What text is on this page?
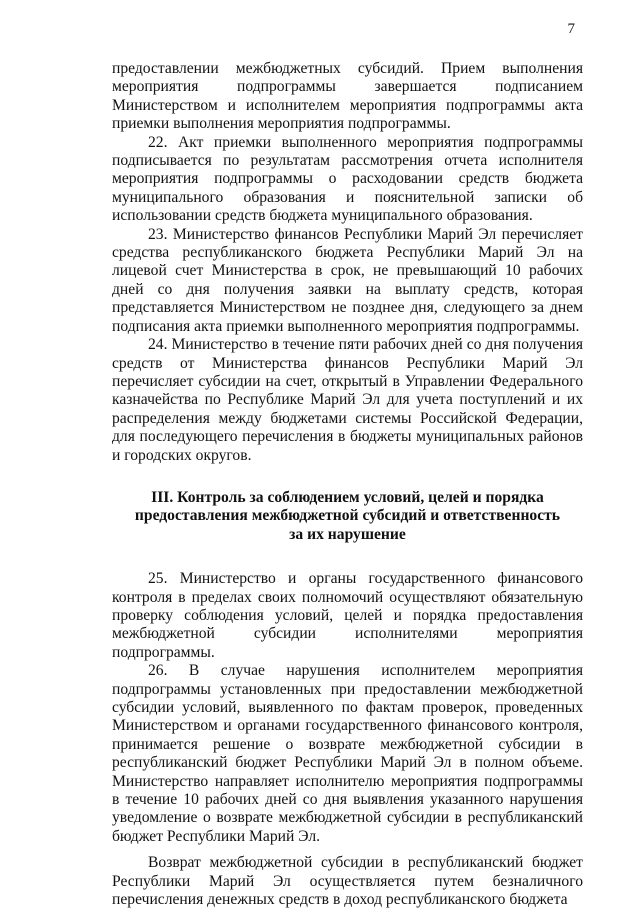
7

предоставлении межбюджетных субсидий. Прием выполнения мероприятия подпрограммы завершается подписанием Министерством и исполнителем мероприятия подпрограммы акта приемки выполнения мероприятия подпрограммы.

22. Акт приемки выполненного мероприятия подпрограммы подписывается по результатам рассмотрения отчета исполнителя мероприятия подпрограммы о расходовании средств бюджета муниципального образования и пояснительной записки об использовании средств бюджета муниципального образования.

23. Министерство финансов Республики Марий Эл перечисляет средства республиканского бюджета Республики Марий Эл на лицевой счет Министерства в срок, не превышающий 10 рабочих дней со дня получения заявки на выплату средств, которая представляется Министерством не позднее дня, следующего за днем подписания акта приемки выполненного мероприятия подпрограммы.

24. Министерство в течение пяти рабочих дней со дня получения средств от Министерства финансов Республики Марий Эл перечисляет субсидии на счет, открытый в Управлении Федерального казначейства по Республике Марий Эл для учета поступлений и их распределения между бюджетами системы Российской Федерации, для последующего перечисления в бюджеты муниципальных районов и городских округов.

III. Контроль за соблюдением условий, целей и порядка
предоставления межбюджетной субсидий и ответственность
за их нарушение

25. Министерство и органы государственного финансового контроля в пределах своих полномочий осуществляют обязательную проверку соблюдения условий, целей и порядка предоставления межбюджетной субсидии исполнителями мероприятия подпрограммы.

26. В случае нарушения исполнителем мероприятия подпрограммы установленных при предоставлении межбюджетной субсидии условий, выявленного по фактам проверок, проведенных Министерством и органами государственного финансового контроля, принимается решение о возврате межбюджетной субсидии в республиканский бюджет Республики Марий Эл в полном объеме. Министерство направляет исполнителю мероприятия подпрограммы в течение 10 рабочих дней со дня выявления указанного нарушения уведомление о возврате межбюджетной субсидии в республиканский бюджет Республики Марий Эл.

Возврат межбюджетной субсидии в республиканский бюджет Республики Марий Эл осуществляется путем безналичного перечисления денежных средств в доход республиканского бюджета
